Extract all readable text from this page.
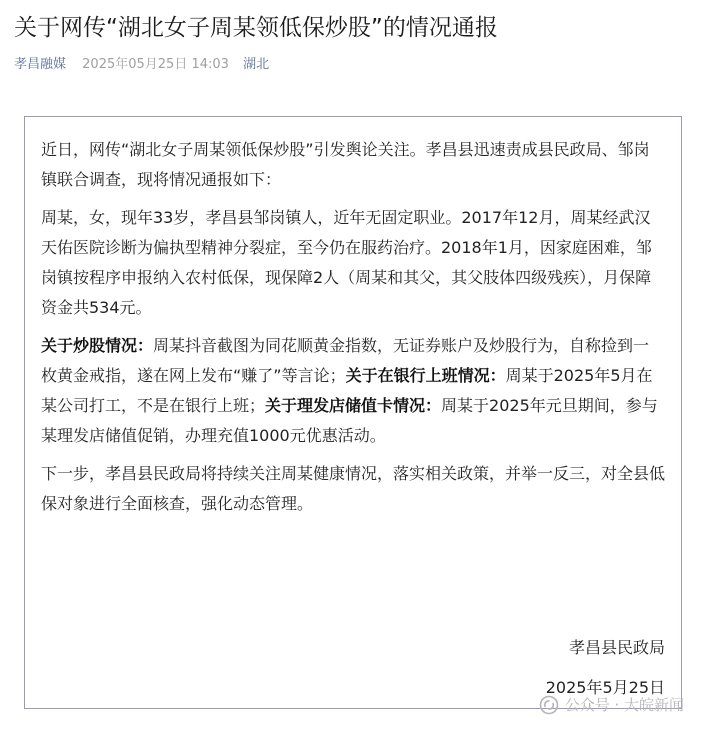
关于网传“湖北女子周某领低保炒股”的情况通报
孝昌融媒 2025年05月25日 14:03 湖北

近日，网传“湖北女子周某领低保炒股”引发舆论关注。孝昌县迅速责成县民政局、邹岗镇联合调查，现将情况通报如下：

周某，女，现年33岁，孝昌县邹岗镇人，近年无固定职业。2017年12月，周某经武汉天佑医院诊断为偏执型精神分裂症，至今仍在服药治疗。2018年1月，因家庭困难，邹岗镇按程序申报纳入农村低保，现保障2人（周某和其父，其父肢体四级残疾），月保障资金共534元。

关于炒股情况：周某抖音截图为同花顺黄金指数，无证券账户及炒股行为，自称捡到一枚黄金戒指，遂在网上发布“赚了”等言论；关于在银行上班情况：周某于2025年5月在某公司打工，不是在银行上班；关于理发店储值卡情况：周某于2025年元旦期间，参与某理发店储值促销，办理充值1000元优惠活动。

下一步，孝昌县民政局将持续关注周某健康情况，落实相关政策，并举一反三，对全县低保对象进行全面核查，强化动态管理。

孝昌县民政局
2025年5月25日
公众号 · 大皖新闻
